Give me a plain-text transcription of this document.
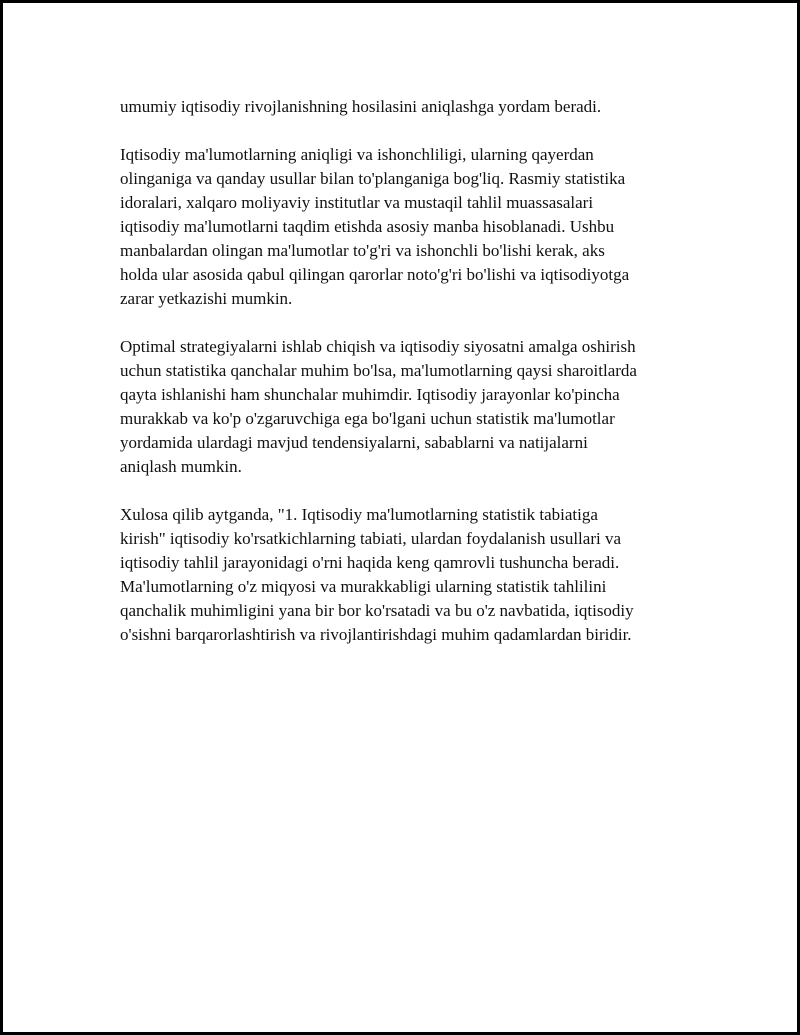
umumiy iqtisodiy rivojlanishning hosilasini aniqlashga yordam beradi.

Iqtisodiy ma'lumotlarning aniqligi va ishonchliligi, ularning qayerdan
olinganiga va qanday usullar bilan to'planganiga bog'liq. Rasmiy statistika
idoralari, xalqaro moliyaviy institutlar va mustaqil tahlil muassasalari
iqtisodiy ma'lumotlarni taqdim etishda asosiy manba hisoblanadi. Ushbu
manbalardan olingan ma'lumotlar to'g'ri va ishonchli bo'lishi kerak, aks
holda ular asosida qabul qilingan qarorlar noto'g'ri bo'lishi va iqtisodiyotga
zarar yetkazishi mumkin.

Optimal strategiyalarni ishlab chiqish va iqtisodiy siyosatni amalga oshirish
uchun statistika qanchalar muhim bo'lsa, ma'lumotlarning qaysi sharoitlarda
qayta ishlanishi ham shunchalar muhimdir. Iqtisodiy jarayonlar ko'pincha
murakkab va ko'p o'zgaruvchiga ega bo'lgani uchun statistik ma'lumotlar
yordamida ulardagi mavjud tendensiyalarni, sabablarni va natijalarni
aniqlash mumkin.

Xulosa qilib aytganda, "1. Iqtisodiy ma'lumotlarning statistik tabiatiga
kirish" iqtisodiy ko'rsatkichlarning tabiati, ulardan foydalanish usullari va
iqtisodiy tahlil jarayonidagi o'rni haqida keng qamrovli tushuncha beradi.
Ma'lumotlarning o'z miqyosi va murakkabligi ularning statistik tahlilini
qanchalik muhimligini yana bir bor ko'rsatadi va bu o'z navbatida, iqtisodiy
o'sishni barqarorlashtirish va rivojlantirishdagi muhim qadamlardan biridir.
